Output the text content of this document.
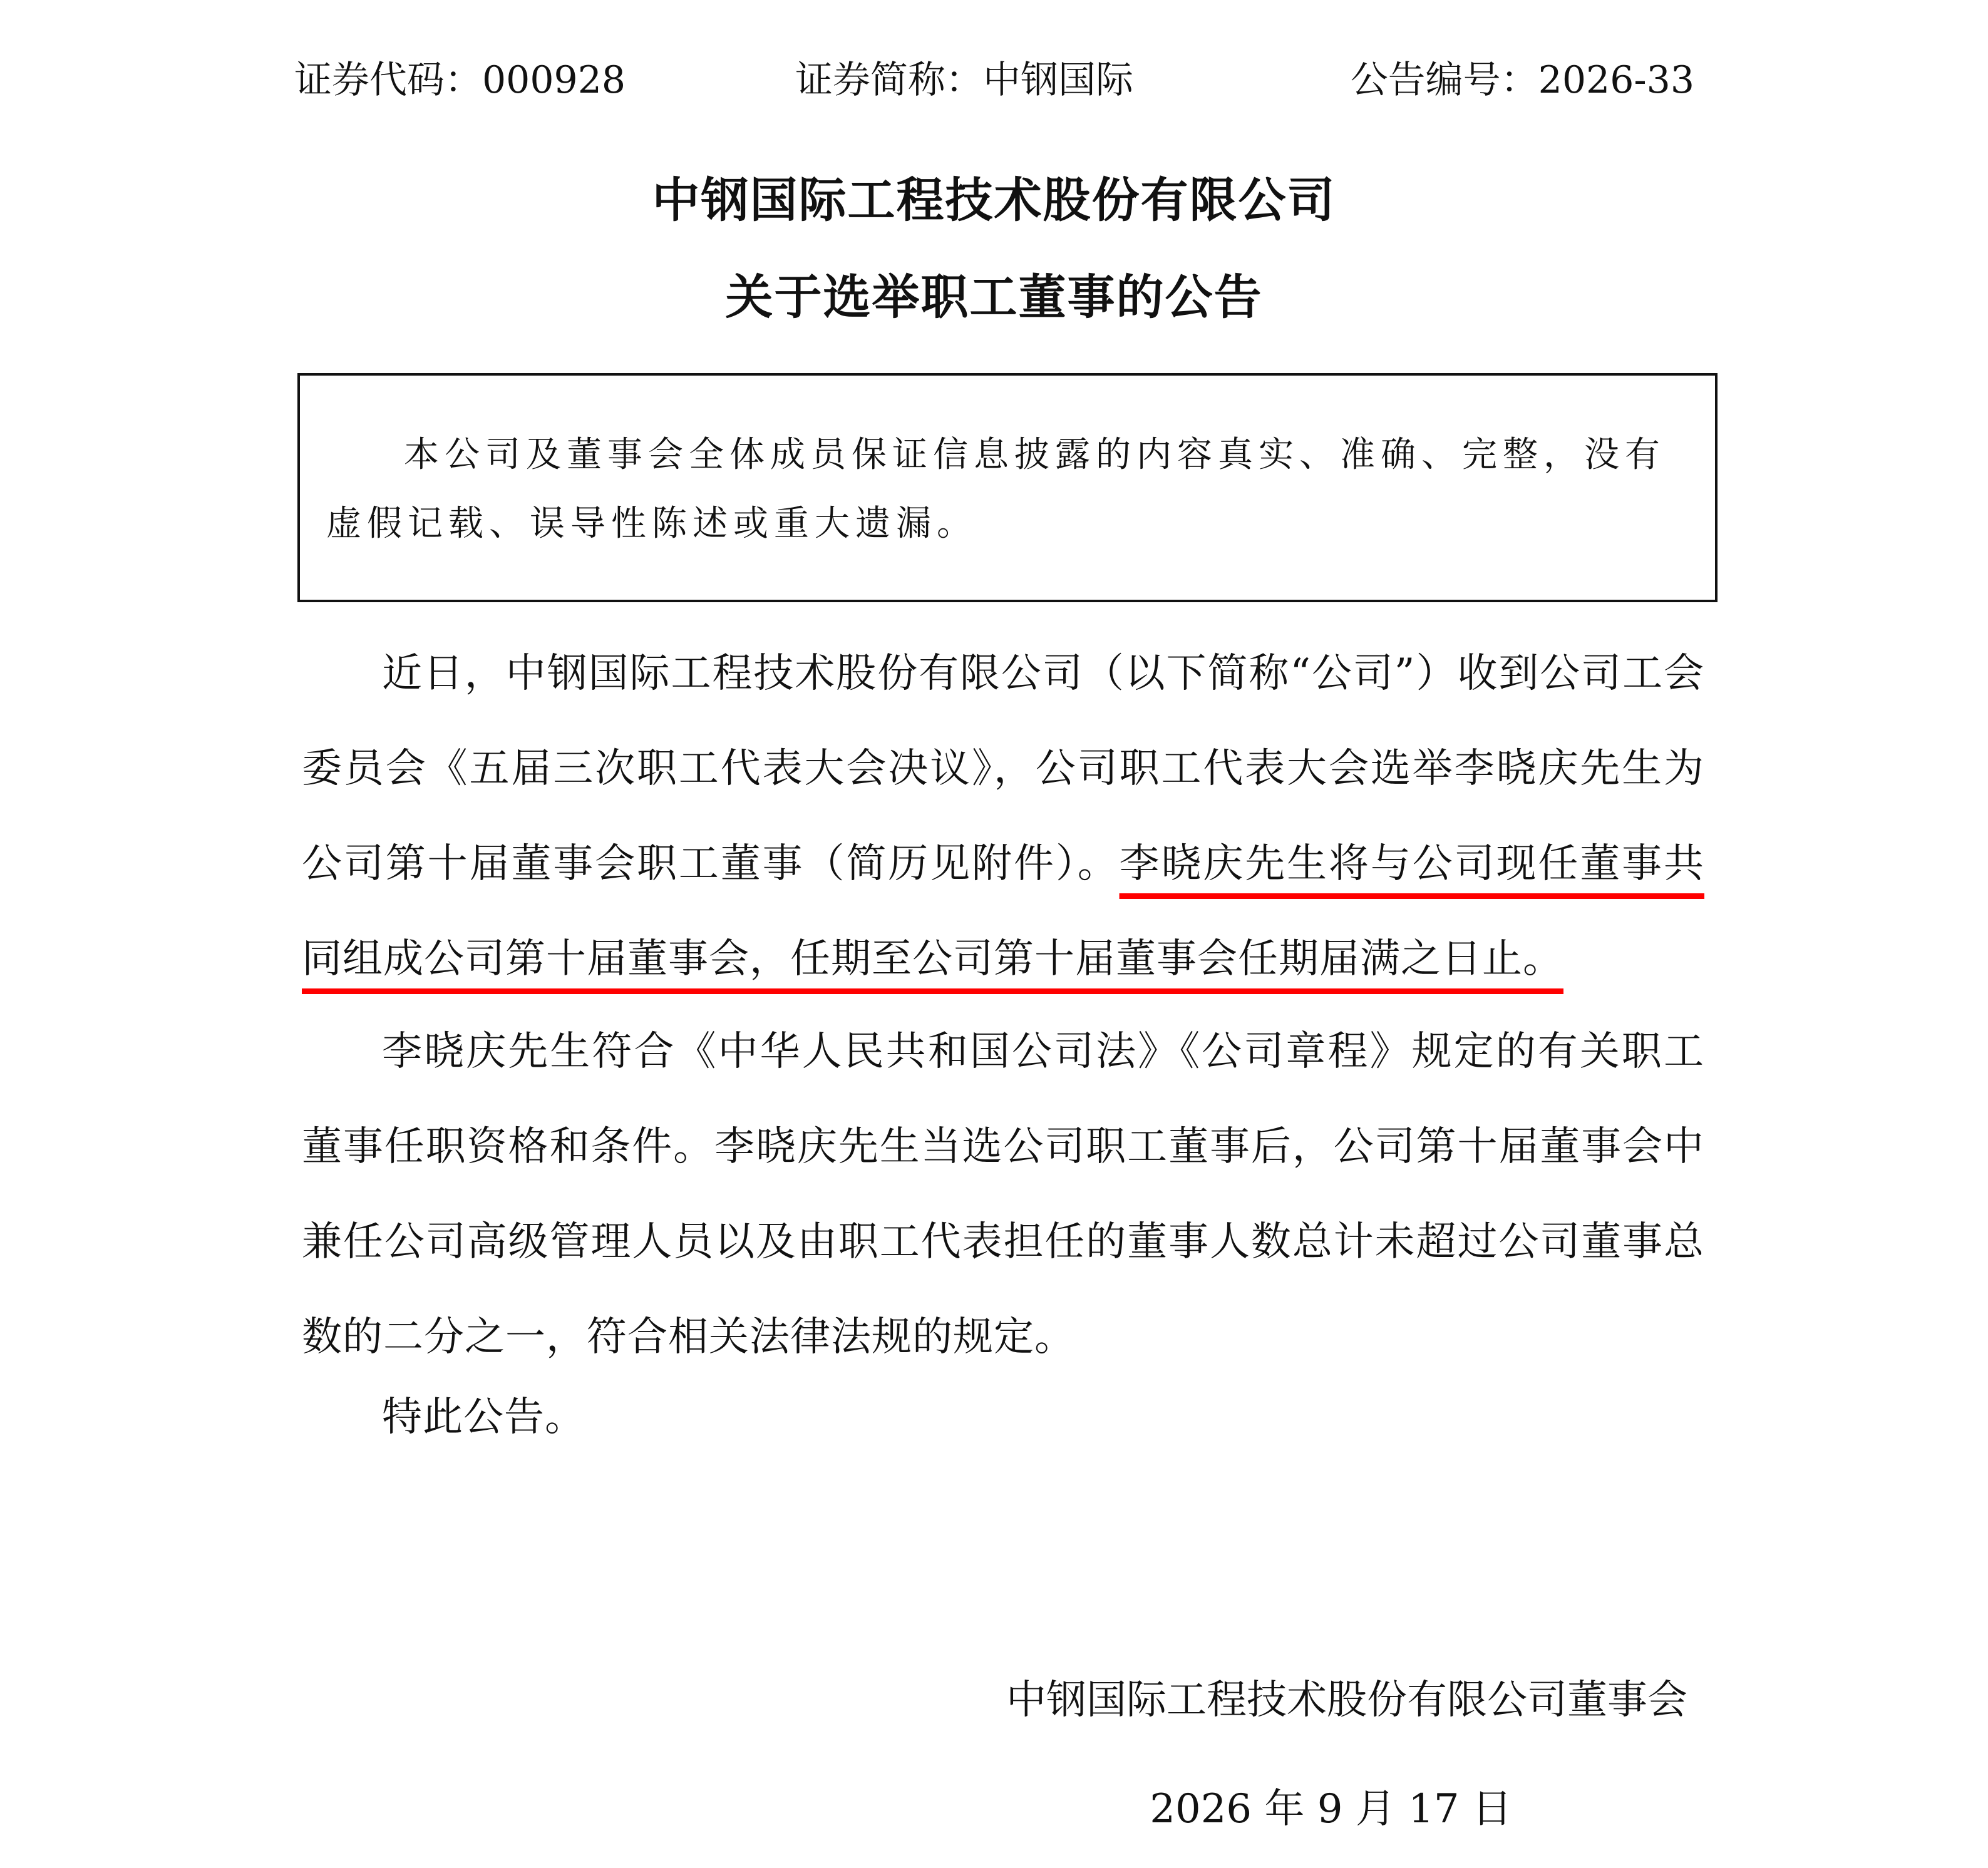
证券代码：000928	证券简称：中钢国际	公告编号：2026-33
中钢国际工程技术股份有限公司
关于选举职工董事的公告
本公司及董事会全体成员保证信息披露的内容真实、准确、完整，没有虚假记载、误导性陈述或重大遗漏。
近日，中钢国际工程技术股份有限公司（以下简称“公司”）收到公司工会委员会《五届三次职工代表大会决议》，公司职工代表大会选举李晓庆先生为公司第十届董事会职工董事（简历见附件）。李晓庆先生将与公司现任董事共同组成公司第十届董事会，任期至公司第十届董事会任期届满之日止。
李晓庆先生符合《中华人民共和国公司法》《公司章程》规定的有关职工董事任职资格和条件。李晓庆先生当选公司职工董事后，公司第十届董事会中兼任公司高级管理人员以及由职工代表担任的董事人数总计未超过公司董事总数的二分之一，符合相关法律法规的规定。
特此公告。
中钢国际工程技术股份有限公司董事会
2026 年 9 月 17 日
